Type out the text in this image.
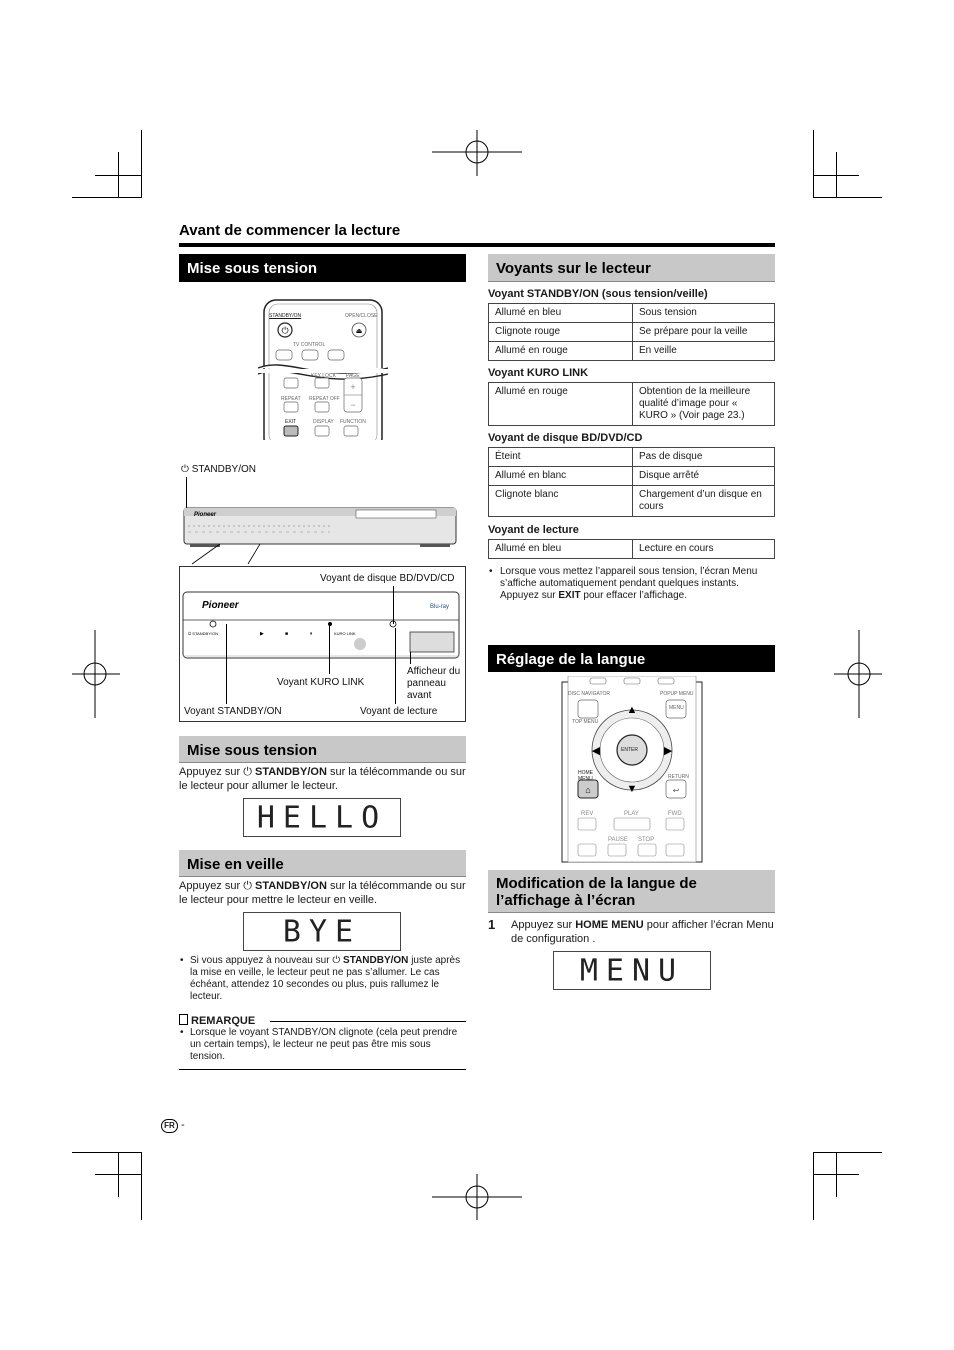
Avant de commencer la lecture
Mise sous tension
⏻	⏏
+
−
STANDBY/ON	OPEN/CLOSE
TV CONTROL
KEY LOCK PAGE
REPEAT REPEAT OFF
EXIT	DISPLAY FUNCTION
⏻ STANDBY/ON
Pioneer
Pioneer	Blu-ray
⏻ STANDBY/ON	▶	■	⏸	KURO LINK
Voyant de disque BD/DVD/CD
Voyant KURO LINK
Afficheur du panneau avant
Voyant STANDBY/ON	Voyant de lecture
Mise sous tension
Appuyez sur ⏻ STANDBY/ON sur la télécommande ou sur le lecteur pour allumer le lecteur.
HELLO
Mise en veille
Appuyez sur ⏻ STANDBY/ON sur la télécommande ou sur le lecteur pour mettre le lecteur en veille.
BYE
• Si vous appuyez à nouveau sur ⏻ STANDBY/ON juste après la mise en veille, le lecteur peut ne pas s’allumer. Le cas échéant, attendez 10 secondes ou plus, puis rallumez le lecteur.
REMARQUE
• Lorsque le voyant STANDBY/ON clignote (cela peut prendre un certain temps), le lecteur ne peut pas être mis sous tension.
Voyants sur le lecteur
Voyant STANDBY/ON (sous tension/veille)
Allumé en bleu	Sous tension
Clignote rouge	Se prépare pour la veille
Allumé en rouge	En veille
Voyant KURO LINK
Allumé en rouge	Obtention de la meilleure qualité d’image pour « KURO » (Voir page 23.)
Voyant de disque BD/DVD/CD
Éteint	Pas de disque
Allumé en blanc	Disque arrêté
Clignote blanc	Chargement d’un disque en cours
Voyant de lecture
Allumé en bleu	Lecture en cours
• Lorsque vous mettez l’appareil sous tension, l’écran Menu s’affiche automatiquement pendant quelques instants. Appuyez sur EXIT pour effacer l’affichage.
Réglage de la langue
▲
▼
◀	▶
⌂	↩
DISC NAVIGATOR	POPUP MENU
MENU
TOP MENU
ENTER
HOME MENU	RETURN
REV	PLAY	FWD
PAUSE STOP
Modification de la langue de l’affichage à l’écran
1 Appuyez sur HOME MENU pour afficher l’écran Menu de configuration .
MENU
FR -
